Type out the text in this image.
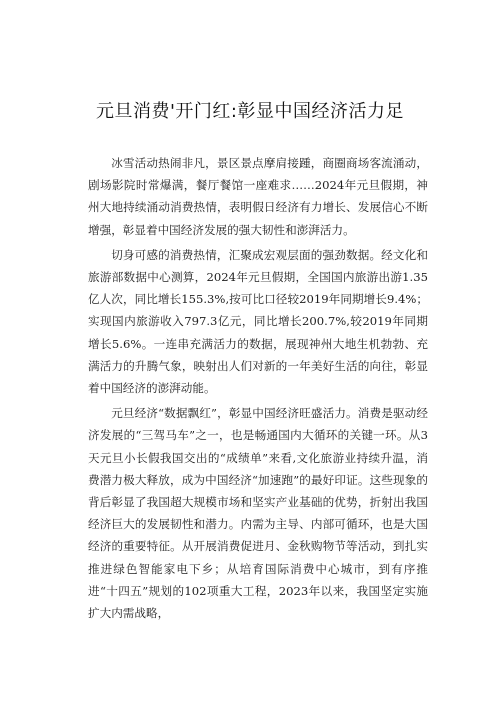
元旦消费'开门红:彰显中国经济活力足

冰雪活动热闹非凡，景区景点摩肩接踵，商圈商场客流涌动，剧场影院时常爆满，餐厅餐馆一座难求……2024年元旦假期，神州大地持续涌动消费热情，表明假日经济有力增长、发展信心不断增强，彰显着中国经济发展的强大韧性和澎湃活力。

切身可感的消费热情，汇聚成宏观层面的强劲数据。经文化和旅游部数据中心测算，2024年元旦假期，全国国内旅游出游1.35亿人次，同比增长155.3%,按可比口径较2019年同期增长9.4%；实现国内旅游收入797.3亿元，同比增长200.7%,较2019年同期增长5.6%。一连串充满活力的数据，展现神州大地生机勃勃、充满活力的升腾气象，映射出人们对新的一年美好生活的向往，彰显着中国经济的澎湃动能。

元旦经济“数据飘红”，彰显中国经济旺盛活力。消费是驱动经济发展的“三驾马车”之一，也是畅通国内大循环的关键一环。从3天元旦小长假我国交出的“成绩单”来看,文化旅游业持续升温，消费潜力极大释放，成为中国经济“加速跑”的最好印证。这些现象的背后彰显了我国超大规模市场和坚实产业基础的优势，折射出我国经济巨大的发展韧性和潜力。内需为主导、内部可循环，也是大国经济的重要特征。从开展消费促进月、金秋购物节等活动，到扎实推进绿色智能家电下乡；从培育国际消费中心城市，到有序推进“十四五”规划的102项重大工程，2023年以来，我国坚定实施扩大内需战略，
